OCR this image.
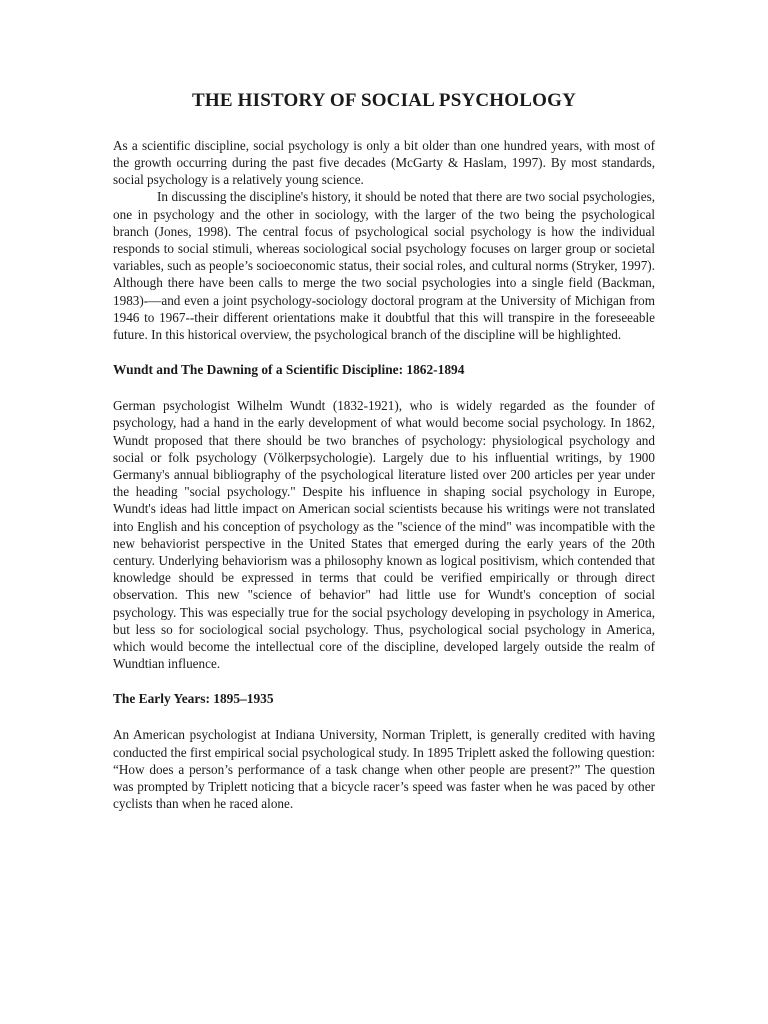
THE HISTORY OF SOCIAL PSYCHOLOGY

As a scientific discipline, social psychology is only a bit older than one hundred years, with most of the growth occurring during the past five decades (McGarty & Haslam, 1997). By most standards, social psychology is a relatively young science.

In discussing the discipline's history, it should be noted that there are two social psychologies, one in psychology and the other in sociology, with the larger of the two being the psychological branch (Jones, 1998). The central focus of psychological social psychology is how the individual responds to social stimuli, whereas sociological social psychology focuses on larger group or societal variables, such as people’s socioeconomic status, their social roles, and cultural norms (Stryker, 1997). Although there have been calls to merge the two social psychologies into a single field (Backman, 1983)-—and even a joint psychology-sociology doctoral program at the University of Michigan from 1946 to 1967--their different orientations make it doubtful that this will transpire in the foreseeable future. In this historical overview, the psychological branch of the discipline will be highlighted.

Wundt and The Dawning of a Scientific Discipline: 1862-1894

German psychologist Wilhelm Wundt (1832-1921), who is widely regarded as the founder of psychology, had a hand in the early development of what would become social psychology. In 1862, Wundt proposed that there should be two branches of psychology: physiological psychology and social or folk psychology (Völkerpsychologie). Largely due to his influential writings, by 1900 Germany's annual bibliography of the psychological literature listed over 200 articles per year under the heading "social psychology." Despite his influence in shaping social psychology in Europe, Wundt's ideas had little impact on American social scientists because his writings were not translated into English and his conception of psychology as the "science of the mind" was incompatible with the new behaviorist perspective in the United States that emerged during the early years of the 20th century. Underlying behaviorism was a philosophy known as logical positivism, which contended that knowledge should be expressed in terms that could be verified empirically or through direct observation. This new "science of behavior" had little use for Wundt's conception of social psychology. This was especially true for the social psychology developing in psychology in America, but less so for sociological social psychology. Thus, psychological social psychology in America, which would become the intellectual core of the discipline, developed largely outside the realm of Wundtian influence.

The Early Years: 1895–1935

An American psychologist at Indiana University, Norman Triplett, is generally credited with having conducted the first empirical social psychological study. In 1895 Triplett asked the following question: “How does a person’s performance of a task change when other people are present?” The question was prompted by Triplett noticing that a bicycle racer’s speed was faster when he was paced by other cyclists than when he raced alone.
